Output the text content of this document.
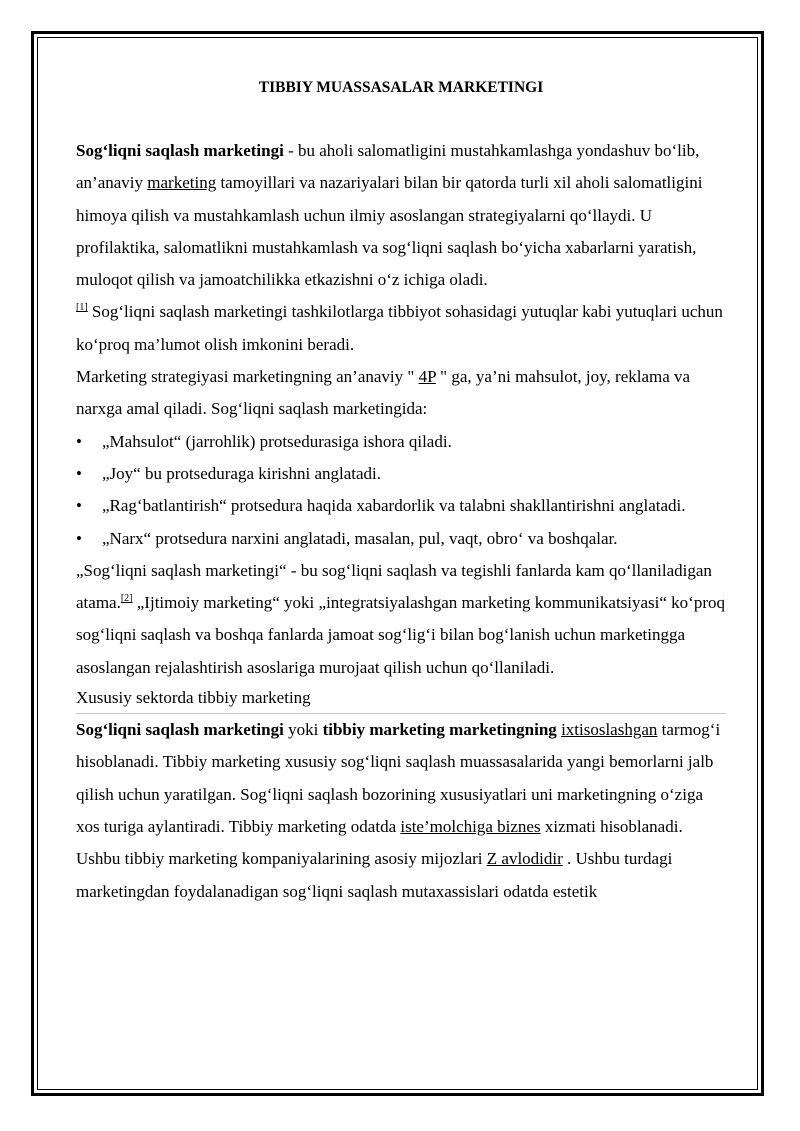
TIBBIY MUASSASALAR MARKETINGI

Sog‘liqni saqlash marketingi - bu aholi salomatligini mustahkamlashga yondashuv bo‘lib, an’anaviy marketing tamoyillari va nazariyalari bilan bir qatorda turli xil aholi salomatligini himoya qilish va mustahkamlash uchun ilmiy asoslangan strategiyalarni qo‘llaydi. U profilaktika, salomatlikni mustahkamlash va sog‘liqni saqlash bo‘yicha xabarlarni yaratish, muloqot qilish va jamoatchilikka etkazishni o‘z ichiga oladi.

[1] Sog‘liqni saqlash marketingi tashkilotlarga tibbiyot sohasidagi yutuqlar kabi yutuqlari uchun ko‘proq ma’lumot olish imkonini beradi.

Marketing strategiyasi marketingning an’anaviy " 4P " ga, ya’ni mahsulot, joy, reklama va narxga amal qiladi. Sog‘liqni saqlash marketingida:

• „Mahsulot“ (jarrohlik) protsedurasiga ishora qiladi.
• „Joy“ bu protseduraga kirishni anglatadi.
• „Rag‘batlantirish“ protsedura haqida xabardorlik va talabni shakllantirishni anglatadi.
• „Narx“ protsedura narxini anglatadi, masalan, pul, vaqt, obro‘ va boshqalar.

„Sog‘liqni saqlash marketingi“ - bu sog‘liqni saqlash va tegishli fanlarda kam qo‘llaniladigan atama.[2] „Ijtimoiy marketing“ yoki „integratsiyalashgan marketing kommunikatsiyasi“ ko‘proq sog‘liqni saqlash va boshqa fanlarda jamoat sog‘lig‘i bilan bog‘lanish uchun marketingga asoslangan rejalashtirish asoslariga murojaat qilish uchun qo‘llaniladi.

Xususiy sektorda tibbiy marketing

Sog‘liqni saqlash marketingi yoki tibbiy marketing marketingning ixtisoslashgan tarmog‘i hisoblanadi. Tibbiy marketing xususiy sog‘liqni saqlash muassasalarida yangi bemorlarni jalb qilish uchun yaratilgan. Sog‘liqni saqlash bozorining xususiyatlari uni marketingning o‘ziga xos turiga aylantiradi. Tibbiy marketing odatda iste’molchiga biznes xizmati hisoblanadi. Ushbu tibbiy marketing kompaniyalarining asosiy mijozlari Z avlodidir . Ushbu turdagi marketingdan foydalanadigan sog‘liqni saqlash mutaxassislari odatda estetik
